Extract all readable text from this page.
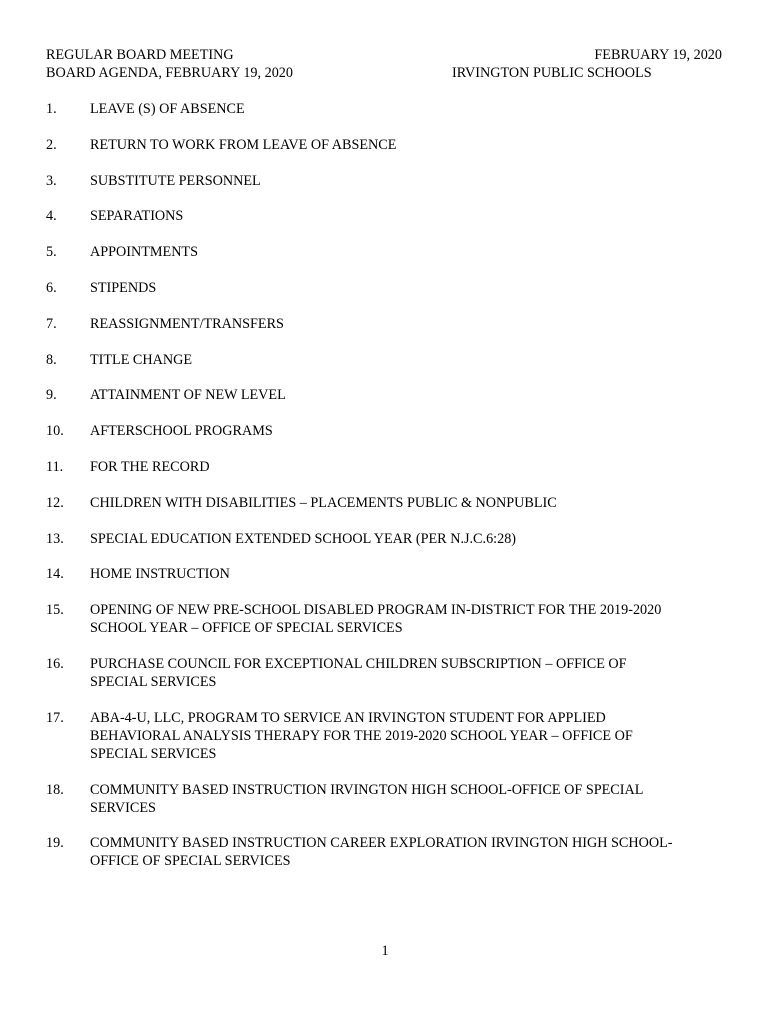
REGULAR BOARD MEETING
BOARD AGENDA, FEBRUARY 19, 2020
FEBRUARY 19, 2020
IRVINGTON PUBLIC SCHOOLS
1.	LEAVE (S) OF ABSENCE
2.	RETURN TO WORK FROM LEAVE OF ABSENCE
3.	SUBSTITUTE PERSONNEL
4.	SEPARATIONS
5.	APPOINTMENTS
6.	STIPENDS
7.	REASSIGNMENT/TRANSFERS
8.	TITLE CHANGE
9.	ATTAINMENT OF NEW LEVEL
10.	AFTERSCHOOL PROGRAMS
11.	FOR THE RECORD
12.	CHILDREN WITH DISABILITIES – PLACEMENTS PUBLIC & NONPUBLIC
13.	SPECIAL EDUCATION EXTENDED SCHOOL YEAR (PER N.J.C.6:28)
14.	HOME INSTRUCTION
15.	OPENING OF NEW PRE-SCHOOL DISABLED PROGRAM IN-DISTRICT FOR THE 2019-2020
SCHOOL YEAR – OFFICE OF SPECIAL SERVICES
16.	PURCHASE COUNCIL FOR EXCEPTIONAL CHILDREN SUBSCRIPTION – OFFICE OF
SPECIAL SERVICES
17.	ABA-4-U, LLC, PROGRAM TO SERVICE AN IRVINGTON STUDENT FOR APPLIED
BEHAVIORAL ANALYSIS THERAPY FOR THE 2019-2020 SCHOOL YEAR – OFFICE OF
SPECIAL SERVICES
18.	COMMUNITY BASED INSTRUCTION IRVINGTON HIGH SCHOOL-OFFICE OF SPECIAL
SERVICES
19.	COMMUNITY BASED INSTRUCTION CAREER EXPLORATION IRVINGTON HIGH SCHOOL-
OFFICE OF SPECIAL SERVICES
1
